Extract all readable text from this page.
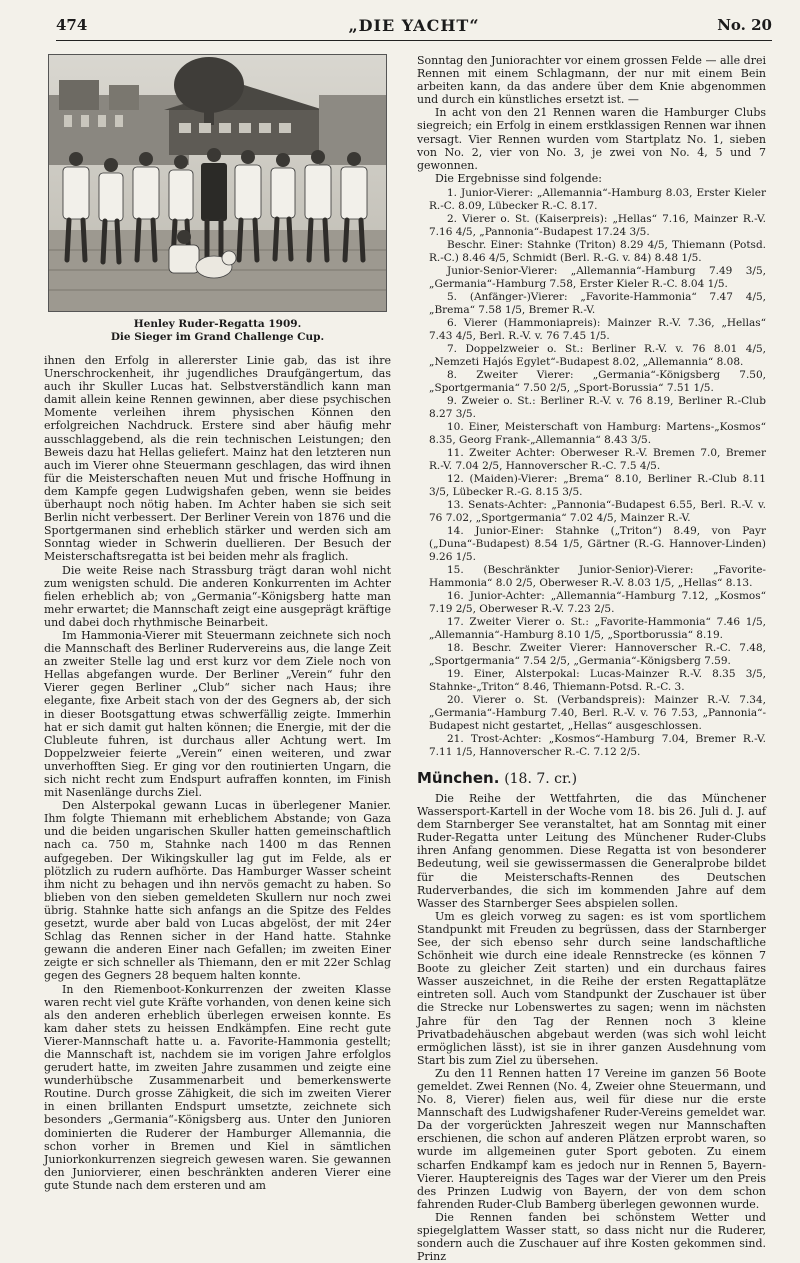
474	„DIE YACHT“	No. 20
Henley Ruder-Regatta 1909.
Die Sieger im Grand Challenge Cup.

ihnen den Erfolg in allererster Linie gab, das ist ihre Unerschrockenheit, ihr jugendliches Draufgängertum, das auch ihr Skuller Lucas hat. Selbstverständlich kann man damit allein keine Rennen gewinnen, aber diese psychischen Momente verleihen ihrem physischen Können den erfolgreichen Nachdruck. Erstere sind aber häufig mehr ausschlaggebend, als die rein technischen Leistungen; den Beweis dazu hat Hellas geliefert. Mainz hat den letzteren nun auch im Vierer ohne Steuermann geschlagen, das wird ihnen für die Meisterschaften neuen Mut und frische Hoffnung in dem Kampfe gegen Ludwigshafen geben, wenn sie beides überhaupt noch nötig haben. Im Achter haben sie sich seit Berlin nicht verbessert. Der Berliner Verein von 1876 und die Sportgermanen sind erheblich stärker und werden sich am Sonntag wieder in Schwerin duellieren. Der Besuch der Meisterschaftsregatta ist bei beiden mehr als fraglich.

Die weite Reise nach Strassburg trägt daran wohl nicht zum wenigsten schuld. Die anderen Konkurrenten im Achter fielen erheblich ab; von „Germania“-Königsberg hatte man mehr erwartet; die Mannschaft zeigt eine ausgeprägt kräftige und dabei doch rhythmische Beinarbeit.

Im Hammonia-Vierer mit Steuermann zeichnete sich noch die Mannschaft des Berliner Rudervereins aus, die lange Zeit an zweiter Stelle lag und erst kurz vor dem Ziele noch von Hellas abgefangen wurde. Der Berliner „Verein“ fuhr den Vierer gegen Berliner „Club“ sicher nach Haus; ihre elegante, fixe Arbeit stach von der des Gegners ab, der sich in dieser Bootsgattung etwas schwerfällig zeigte. Immerhin hat er sich damit gut halten können; die Energie, mit der die Clubleute fuhren, ist durchaus aller Achtung wert. Im Doppelzweier feierte „Verein“ einen weiteren, und zwar unverhofften Sieg. Er ging vor den routinierten Ungarn, die sich nicht recht zum Endspurt aufraffen konnten, im Finish mit Nasenlänge durchs Ziel.

Den Alsterpokal gewann Lucas in überlegener Manier. Ihm folgte Thiemann mit erheblichem Abstande; von Gaza und die beiden ungarischen Skuller hatten gemeinschaftlich nach ca. 750 m, Stahnke nach 1400 m das Rennen aufgegeben. Der Wikingskuller lag gut im Felde, als er plötzlich zu rudern aufhörte. Das Hamburger Wasser scheint ihm nicht zu behagen und ihn nervös gemacht zu haben. So blieben von den sieben gemeldeten Skullern nur noch zwei übrig. Stahnke hatte sich anfangs an die Spitze des Feldes gesetzt, wurde aber bald von Lucas abgelöst, der mit 24er Schlag das Rennen sicher in der Hand hatte. Stahnke gewann die anderen Einer nach Gefallen; im zweiten Einer zeigte er sich schneller als Thiemann, den er mit 22er Schlag gegen des Gegners 28 bequem halten konnte.

In den Riemenboot-Konkurrenzen der zweiten Klasse waren recht viel gute Kräfte vorhanden, von denen keine sich als den anderen erheblich überlegen erweisen konnte. Es kam daher stets zu heissen Endkämpfen. Eine recht gute Vierer-Mannschaft hatte u. a. Favorite-Hammonia gestellt; die Mannschaft ist, nachdem sie im vorigen Jahre erfolglos gerudert hatte, im zweiten Jahre zusammen und zeigte eine wunderhübsche Zusammenarbeit und bemerkenswerte Routine. Durch grosse Zähigkeit, die sich im zweiten Vierer in einen brillanten Endspurt umsetzte, zeichnete sich besonders „Germania“-Königsberg aus. Unter den Junioren dominierten die Ruderer der Hamburger Allemannia, die schon vorher in Bremen und Kiel in sämtlichen Juniorkonkurrenzen siegreich gewesen waren. Sie gewannen den Juniorvierer, einen beschränkten anderen Vierer eine gute Stunde nach dem ersteren und am

Sonntag den Juniorachter vor einem grossen Felde — alle drei Rennen mit einem Schlagmann, der nur mit einem Bein arbeiten kann, da das andere über dem Knie abgenommen und durch ein künstliches ersetzt ist. —

In acht von den 21 Rennen waren die Hamburger Clubs siegreich; ein Erfolg in einem erstklassigen Rennen war ihnen versagt. Vier Rennen wurden vom Startplatz No. 1, sieben von No. 2, vier von No. 3, je zwei von No. 4, 5 und 7 gewonnen.

Die Ergebnisse sind folgende:

1. Junior-Vierer: „Allemannia“-Hamburg 8.03, Erster Kieler R.-C. 8.09, Lübecker R.-C. 8.17.

2. Vierer o. St. (Kaiserpreis): „Hellas“ 7.16, Mainzer R.-V. 7.16 4/5, „Pannonia“-Budapest 17.24 3/5.

Beschr. Einer: Stahnke (Triton) 8.29 4/5, Thiemann (Potsd. R.-C.) 8.46 4/5, Schmidt (Berl. R.-G. v. 84) 8.48 1/5.

Junior-Senior-Vierer: „Allemannia“-Hamburg 7.49 3/5, „Germania“-Hamburg 7.58, Erster Kieler R.-C. 8.04 1/5.

5. (Anfänger-)Vierer: „Favorite-Hammonia“ 7.47 4/5, „Brema“ 7.58 1/5, Bremer R.-V.

6. Vierer (Hammoniapreis): Mainzer R.-V. 7.36, „Hellas“ 7.43 4/5, Berl. R.-V. v. 76 7.45 1/5.

7. Doppelzweier o. St.: Berliner R.-V. v. 76 8.01 4/5, „Nemzeti Hajós Egylet“-Budapest 8.02, „Allemannia“ 8.08.

8. Zweiter Vierer: „Germania“-Königsberg 7.50, „Sportgermania“ 7.50 2/5, „Sport-Borussia“ 7.51 1/5.

9. Zweier o. St.: Berliner R.-V. v. 76 8.19, Berliner R.-Club 8.27 3/5.

10. Einer, Meisterschaft von Hamburg: Martens-„Kosmos“ 8.35, Georg Frank-„Allemannia“ 8.43 3/5.

11. Zweiter Achter: Oberweser R.-V. Bremen 7.0, Bremer R.-V. 7.04 2/5, Hannoverscher R.-C. 7.5 4/5.

12. (Maiden)-Vierer: „Brema“ 8.10, Berliner R.-Club 8.11 3/5, Lübecker R.-G. 8.15 3/5.

13. Senats-Achter: „Pannonia“-Budapest 6.55, Berl. R.-V. v. 76 7.02, „Sportgermania“ 7.02 4/5, Mainzer R.-V.

14. Junior-Einer: Stahnke („Triton“) 8.49, von Payr („Duna“-Budapest) 8.54 1/5, Gärtner (R.-G. Hannover-Linden) 9.26 1/5.

15. (Beschränkter Junior-Senior)-Vierer: „Favorite-Hammonia“ 8.0 2/5, Oberweser R.-V. 8.03 1/5, „Hellas“ 8.13.

16. Junior-Achter: „Allemannia“-Hamburg 7.12, „Kosmos“ 7.19 2/5, Oberweser R.-V. 7.23 2/5.

17. Zweiter Vierer o. St.: „Favorite-Hammonia“ 7.46 1/5, „Allemannia“-Hamburg 8.10 1/5, „Sportborussia“ 8.19.

18. Beschr. Zweiter Vierer: Hannoverscher R.-C. 7.48, „Sportgermania“ 7.54 2/5, „Germania“-Königsberg 7.59.

19. Einer, Alsterpokal: Lucas-Mainzer R.-V. 8.35 3/5, Stahnke-„Triton“ 8.46, Thiemann-Potsd. R.-C. 3.

20. Vierer o. St. (Verbandspreis): Mainzer R.-V. 7.34, „Germania“-Hamburg 7.40, Berl. R.-V. v. 76 7.53, „Pannonia“-Budapest nicht gestartet, „Hellas“ ausgeschlossen.

21. Trost-Achter: „Kosmos“-Hamburg 7.04, Bremer R.-V. 7.11 1/5, Hannoverscher R.-C. 7.12 2/5.

München. (18. 7. cr.)

Die Reihe der Wettfahrten, die das Münchener Wassersport-Kartell in der Woche vom 18. bis 26. Juli d. J. auf dem Starnberger See veranstaltet, hat am Sonntag mit einer Ruder-Regatta unter Leitung des Münchener Ruder-Clubs ihren Anfang genommen. Diese Regatta ist von besonderer Bedeutung, weil sie gewissermassen die Generalprobe bildet für die Meisterschafts-Rennen des Deutschen Ruderverbandes, die sich im kommenden Jahre auf dem Wasser des Starnberger Sees abspielen sollen.

Um es gleich vorweg zu sagen: es ist vom sportlichem Standpunkt mit Freuden zu begrüssen, dass der Starnberger See, der sich ebenso sehr durch seine landschaftliche Schönheit wie durch eine ideale Rennstrecke (es können 7 Boote zu gleicher Zeit starten) und ein durchaus faires Wasser auszeichnet, in die Reihe der ersten Regattaplätze eintreten soll. Auch vom Standpunkt der Zuschauer ist über die Strecke nur Lobenswertes zu sagen; wenn im nächsten Jahre für den Tag der Rennen noch 3 kleine Privatbadehäuschen abgebaut werden (was sich wohl leicht ermöglichen lässt), ist sie in ihrer ganzen Ausdehnung vom Start bis zum Ziel zu übersehen.

Zu den 11 Rennen hatten 17 Vereine im ganzen 56 Boote gemeldet. Zwei Rennen (No. 4, Zweier ohne Steuermann, und No. 8, Vierer) fielen aus, weil für diese nur die erste Mannschaft des Ludwigshafener Ruder-Vereins gemeldet war. Da der vorgerückten Jahreszeit wegen nur Mannschaften erschienen, die schon auf anderen Plätzen erprobt waren, so wurde im allgemeinen guter Sport geboten. Zu einem scharfen Endkampf kam es jedoch nur in Rennen 5, Bayern-Vierer. Hauptereignis des Tages war der Vierer um den Preis des Prinzen Ludwig von Bayern, der von dem schon fahrenden Ruder-Club Bamberg überlegen gewonnen wurde.

Die Rennen fanden bei schönstem Wetter und spiegelglattem Wasser statt, so dass nicht nur die Ruderer, sondern auch die Zuschauer auf ihre Kosten gekommen sind. Prinz
